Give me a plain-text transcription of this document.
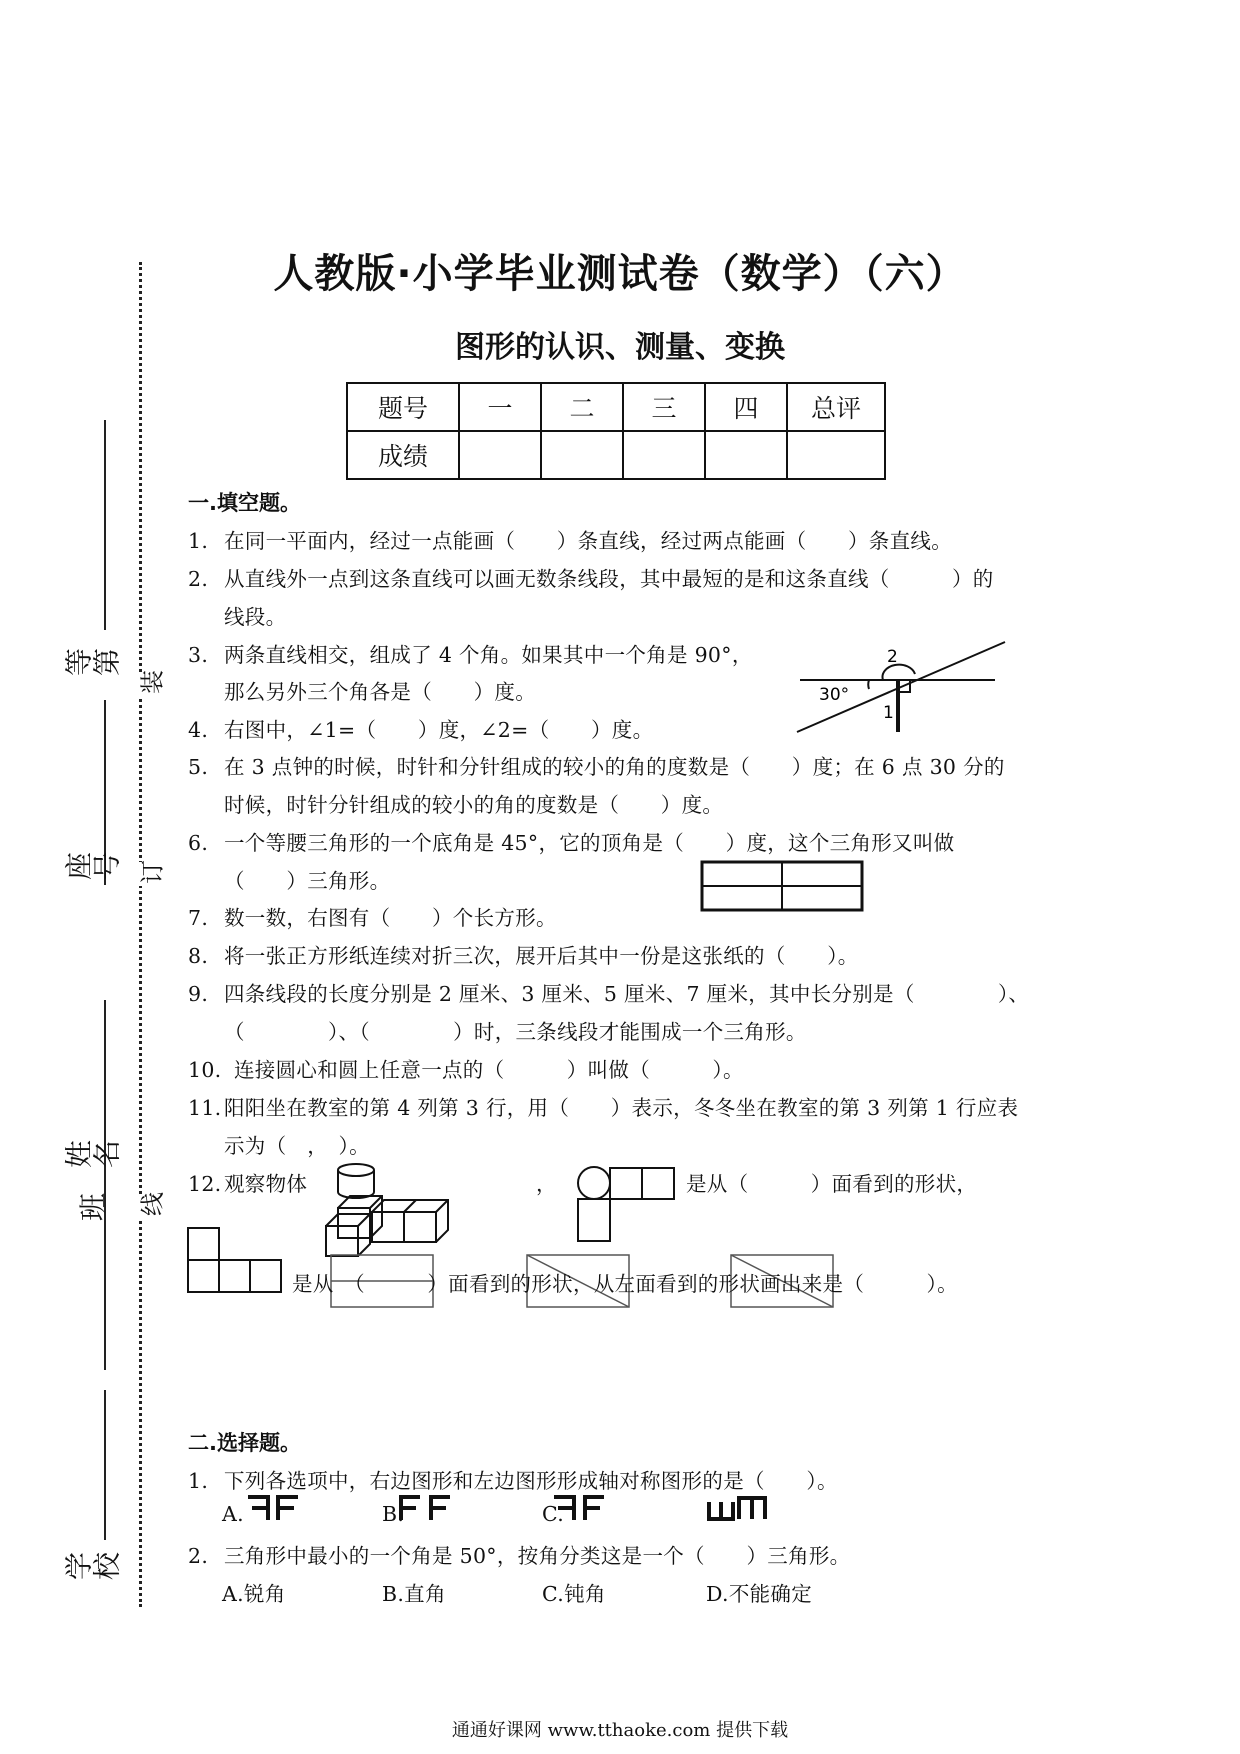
等第
座号
姓名
班
学校
装
订
线
人教版·小学毕业测试卷（数学）（六）
图形的认识、测量、变换
题号	一	二	三	四	总评
成绩					
一.填空题。
1. 在同一平面内，经过一点能画（　　）条直线，经过两点能画（　　）条直线。
2. 从直线外一点到这条直线可以画无数条线段，其中最短的是和这条直线（　　　）的
线段。
3. 两条直线相交，组成了 4 个角。如果其中一个角是 90°，
那么另外三个角各是（　　）度。	30°
1
2
4. 右图中，∠1=（　　）度，∠2=（　　）度。
5. 在 3 点钟的时候，时针和分针组成的较小的角的度数是（　　）度；在 6 点 30 分的
时候，时针分针组成的较小的角的度数是（　　）度。
6. 一个等腰三角形的一个底角是 45°，它的顶角是（　　）度，这个三角形又叫做
（　　）三角形。
7. 数一数，右图有（　　）个长方形。
8. 将一张正方形纸连续对折三次，展开后其中一份是这张纸的（　　）。
9. 四条线段的长度分别是 2 厘米、3 厘米、5 厘米、7 厘米，其中长分别是（　　　　）、
（　　　　）、（　　　　）时，三条线段才能围成一个三角形。
10. 连接圆心和圆上任意一点的（　　　）叫做（　　　）。
11. 阳阳坐在教室的第 4 列第 3 行，用（　　）表示，冬冬坐在教室的第 3 列第 1 行应表
示为（　，　）。
12. 观察物体	，	是从（　　　）面看到的形状，
是从　（　　　）面看到的形状，从左面看到的形状画出来是（　　　）。
二.选择题。
1. 下列各选项中，右边图形和左边图形形成轴对称图形的是（　　）。
A.	B.	C.
2. 三角形中最小的一个角是 50°，按角分类这是一个（　　）三角形。
A.锐角	B.直角	C.钝角	D.不能确定
通通好课网 www.tthaoke.com 提供下载
